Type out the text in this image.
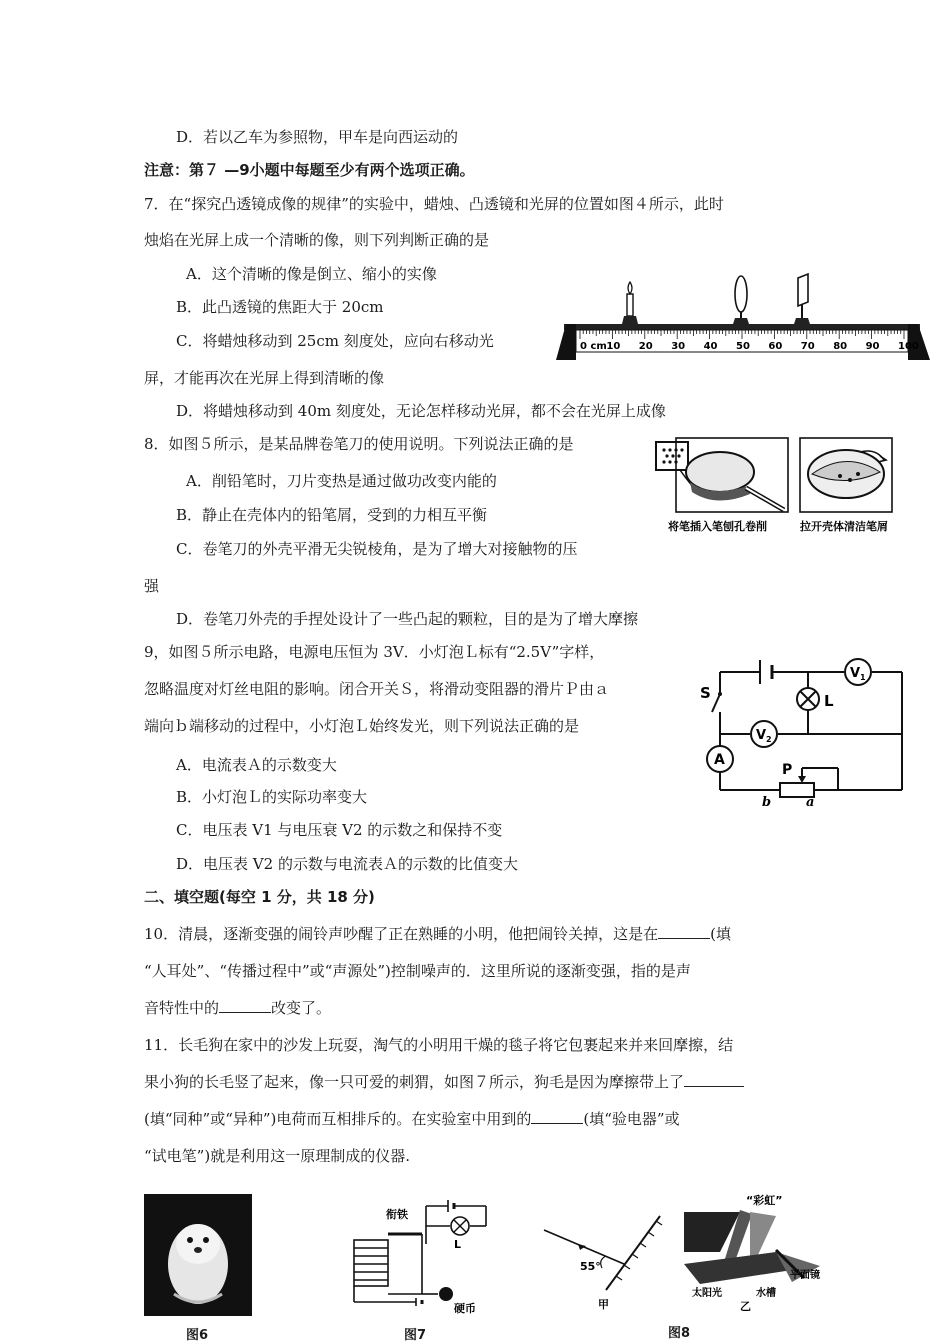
D．若以乙车为参照物，甲车是向西运动的
注意：第７ —9小题中每题至少有两个选项正确。
7．在“探究凸透镜成像的规律”的实验中，蜡烛、凸透镜和光屏的位置如图４所示，此时
烛焰在光屏上成一个清晰的像，则下列判断正确的是
A．这个清晰的像是倒立、缩小的实像
B．此凸透镜的焦距大于 20cm
C．将蜡烛移动到 25cm 刻度处，应向右移动光
屏，才能再次在光屏上得到清晰的像
D．将蜡烛移动到 40m 刻度处，无论怎样移动光屏，都不会在光屏上成像
8．如图５所示，是某品牌卷笔刀的使用说明。下列说法正确的是
A．削铅笔时，刀片变热是通过做功改变内能的
B．静止在壳体内的铅笔屑，受到的力相互平衡
C．卷笔刀的外壳平滑无尖锐棱角，是为了增大对接触物的压
强
D．卷笔刀外壳的手捏处设计了一些凸起的颗粒，目的是为了增大摩擦
9，如图５所示电路，电源电压恒为 3V．小灯泡Ｌ标有“2.5V”字样，
忽略温度对灯丝电阻的影响。闭合开关Ｓ，将滑动变阻器的滑片Ｐ由ａ
端向ｂ端移动的过程中，小灯泡Ｌ始终发光，则下列说法正确的是
A．电流表Ａ的示数变大
B．小灯泡Ｌ的实际功率变大
C．电压表 V1 与电压衰 V2 的示数之和保持不变
D．电压表 V2 的示数与电流表Ａ的示数的比值变大
二、填空题(每空 1 分，共 18 分)
10．清晨，逐渐变强的闹铃声吵醒了正在熟睡的小明，他把闹铃关掉，这是在	(填
“人耳处”、“传播过程中”或“声源处”)控制噪声的．这里所说的逐渐变强，指的是声
音特性中的	改变了。
11．长毛狗在家中的沙发上玩耍，淘气的小明用干燥的毯子将它包裹起来并来回摩擦，结
果小狗的长毛竖了起来，像一只可爱的刺猬，如图７所示，狗毛是因为摩擦带上了
(填“同种”或“异种”)电荷而互相排斥的。在实验室中用到的	(填“验电器”或
“试电笔”)就是利用这一原理制成的仪器.
0 cm 10 20 30 40 50 60 70 80 90 100
将笔插入笔刨孔卷削	拉开壳体清洁笔屑
V 1
L
S
V 2
A
P
b	a
图6
衔铁
L
硬币
图7
55°
甲
“彩虹”
平面镜
太阳光	水槽
乙
图8
